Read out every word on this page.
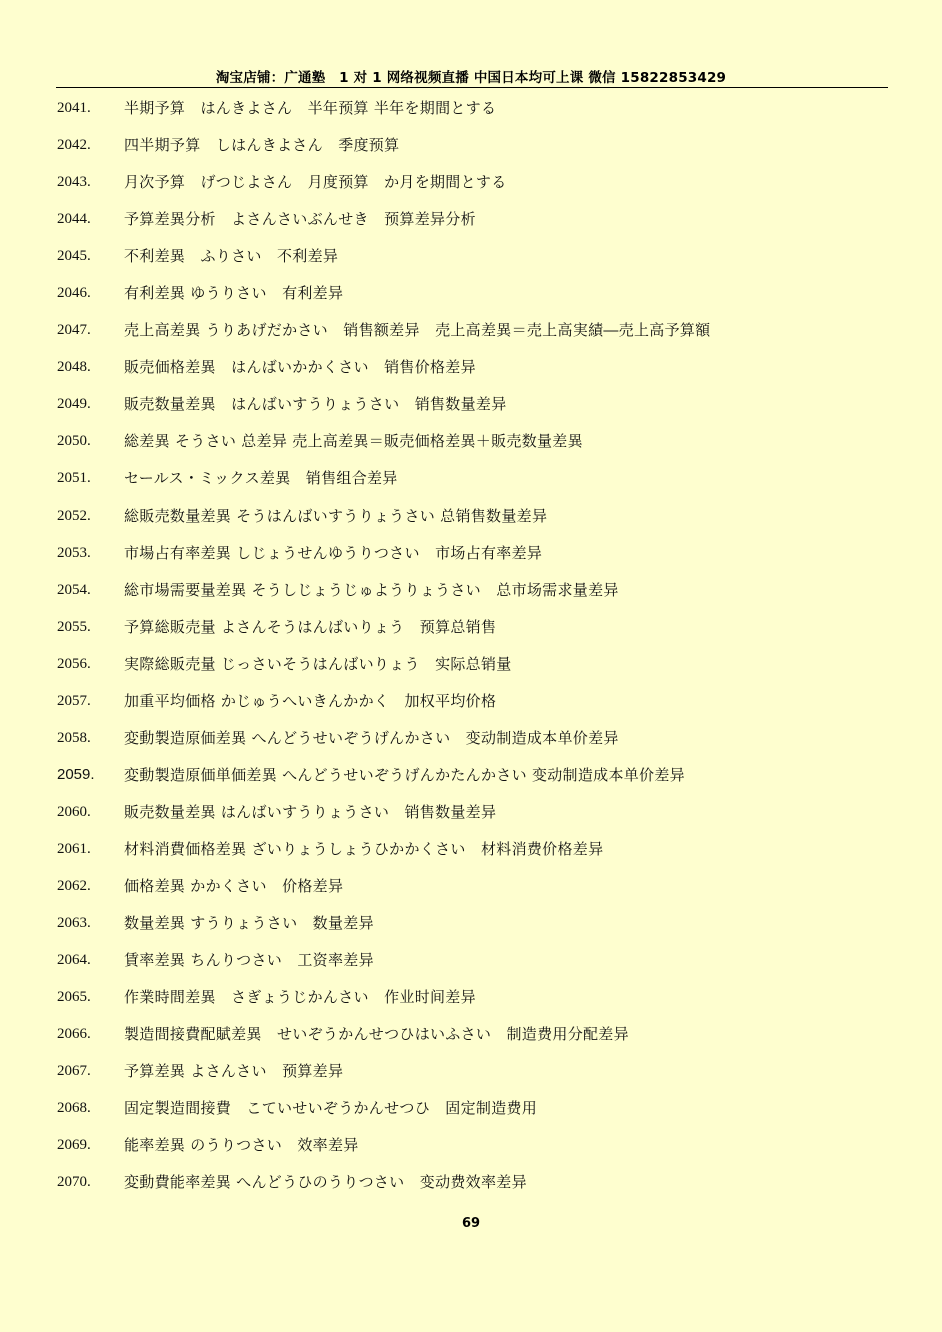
淘宝店铺：广通塾　1 对 1 网络视频直播 中国日本均可上课 微信 15822853429
2041.	半期予算　はんきよさん　半年预算 半年を期間とする
2042.	四半期予算　しはんきよさん　季度预算
2043.	月次予算　げつじよさん　月度预算　か月を期間とする
2044.	予算差異分析　よさんさいぶんせき　预算差异分析
2045.	不利差異　ふりさい　不利差异
2046.	有利差異 ゆうりさい　有利差异
2047.	売上高差異 うりあげだかさい　销售额差异　売上高差異＝売上高実績―売上高予算額
2048.	販売価格差異　はんばいかかくさい　销售价格差异
2049.	販売数量差異　はんばいすうりょうさい　销售数量差异
2050.	総差異 そうさい 总差异 売上高差異＝販売価格差異＋販売数量差異
2051.	セールス・ミックス差異　销售组合差异
2052.	総販売数量差異 そうはんばいすうりょうさい 总销售数量差异
2053.	市場占有率差異 しじょうせんゆうりつさい　市场占有率差异
2054.	総市場需要量差異 そうしじょうじゅようりょうさい　总市场需求量差异
2055.	予算総販売量 よさんそうはんばいりょう　预算总销售
2056.	実際総販売量 じっさいそうはんばいりょう　实际总销量
2057.	加重平均価格 かじゅうへいきんかかく　加权平均价格
2058.	変動製造原価差異 へんどうせいぞうげんかさい　变动制造成本单价差异
2059.	変動製造原価単価差異 へんどうせいぞうげんかたんかさい 变动制造成本单价差异
2060.	販売数量差異 はんばいすうりょうさい　销售数量差异
2061.	材料消費価格差異 ざいりょうしょうひかかくさい　材料消费价格差异
2062.	価格差異 かかくさい　价格差异
2063.	数量差異 すうりょうさい　数量差异
2064.	賃率差異 ちんりつさい　工资率差异
2065.	作業時間差異　さぎょうじかんさい　作业时间差异
2066.	製造間接費配賦差異　せいぞうかんせつひはいふさい　制造费用分配差异
2067.	予算差異 よさんさい　预算差异
2068.	固定製造間接費　こていせいぞうかんせつひ　固定制造费用
2069.	能率差異 のうりつさい　效率差异
2070.	変動費能率差異 へんどうひのうりつさい　变动费效率差异
69
